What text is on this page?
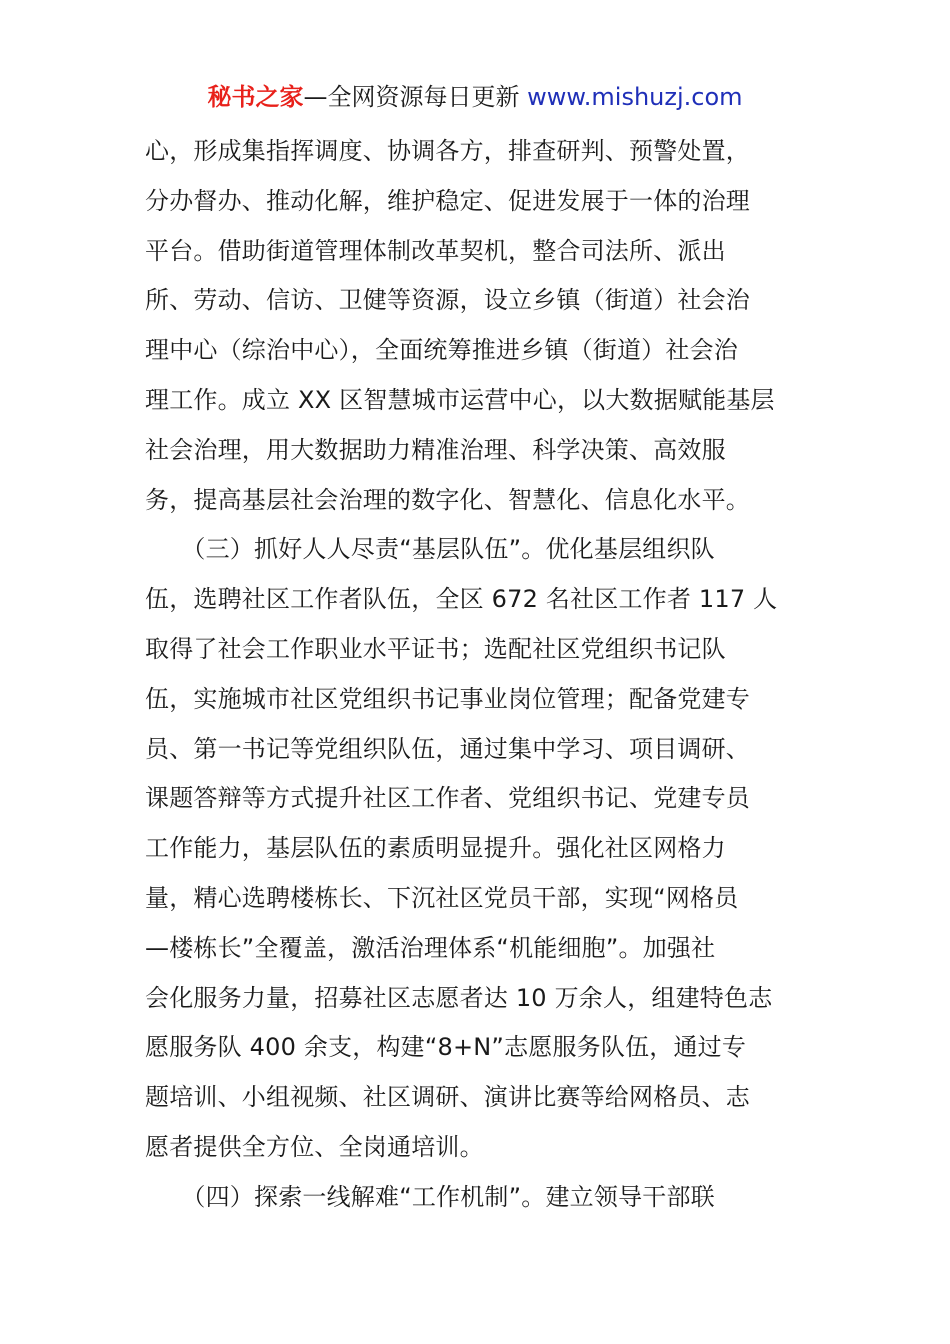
秘书之家—全网资源每日更新 www.mishuzj.com
心，形成集指挥调度、协调各方，排查研判、预警处置，
分办督办、推动化解，维护稳定、促进发展于一体的治理
平台。借助街道管理体制改革契机，整合司法所、派出
所、劳动、信访、卫健等资源，设立乡镇（街道）社会治
理中心（综治中心），全面统筹推进乡镇（街道）社会治
理工作。成立 XX 区智慧城市运营中心，以大数据赋能基层
社会治理，用大数据助力精准治理、科学决策、高效服
务，提高基层社会治理的数字化、智慧化、信息化水平。
　　（三）抓好人人尽责“基层队伍”。优化基层组织队
伍，选聘社区工作者队伍，全区 672 名社区工作者 117 人
取得了社会工作职业水平证书；选配社区党组织书记队
伍，实施城市社区党组织书记事业岗位管理；配备党建专
员、第一书记等党组织队伍，通过集中学习、项目调研、
课题答辩等方式提升社区工作者、党组织书记、党建专员
工作能力，基层队伍的素质明显提升。强化社区网格力
量，精心选聘楼栋长、下沉社区党员干部，实现“网格员
—楼栋长”全覆盖，激活治理体系“机能细胞”。加强社
会化服务力量，招募社区志愿者达 10 万余人，组建特色志
愿服务队 400 余支，构建“8+N”志愿服务队伍，通过专
题培训、小组视频、社区调研、演讲比赛等给网格员、志
愿者提供全方位、全岗通培训。
　　（四）探索一线解难“工作机制”。建立领导干部联
